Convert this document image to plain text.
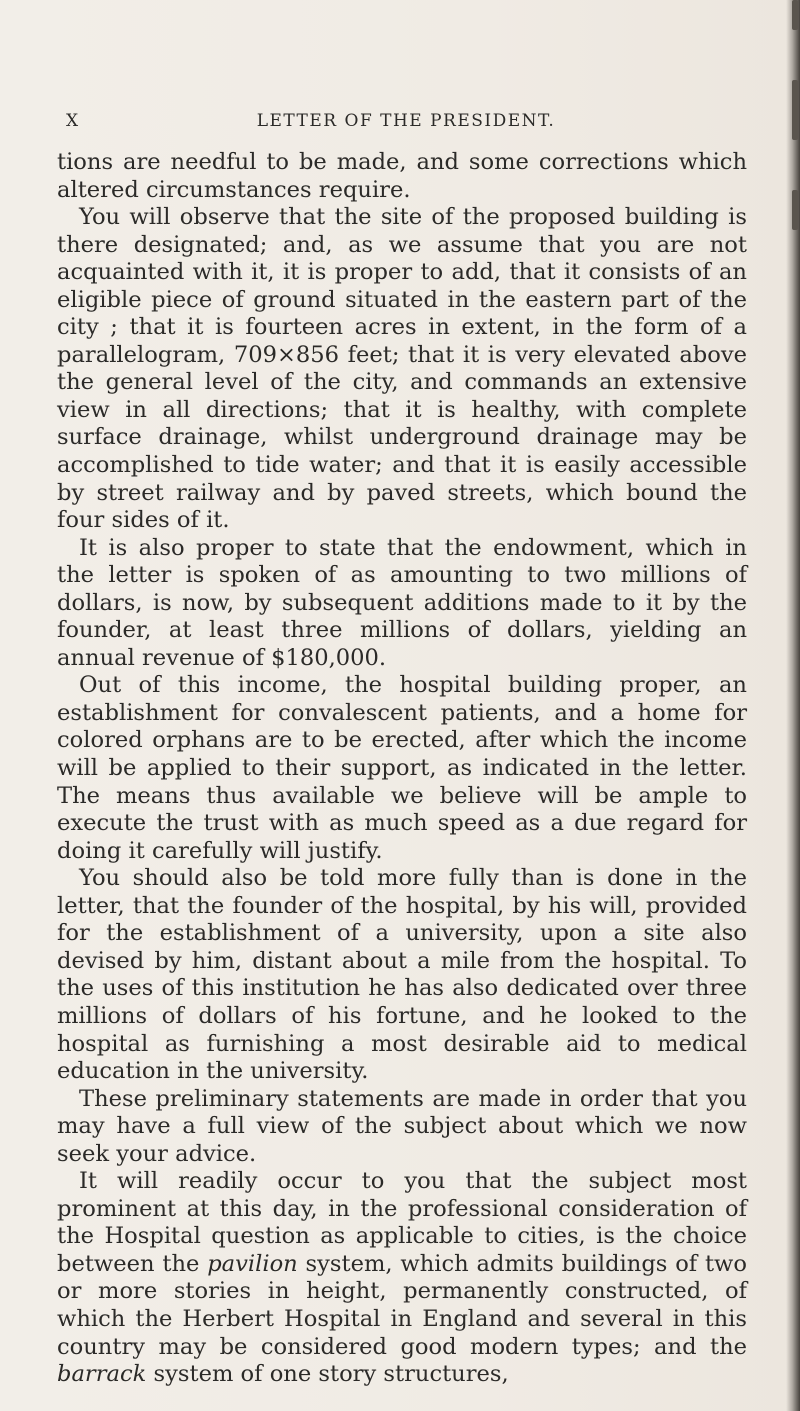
X	LETTER OF THE PRESIDENT.

tions are needful to be made, and some corrections which altered circumstances require.

You will observe that the site of the proposed building is there designated; and, as we assume that you are not acquainted with it, it is proper to add, that it consists of an eligible piece of ground situated in the eastern part of the city ; that it is fourteen acres in extent, in the form of a parallelogram, 709×856 feet; that it is very elevated above the general level of the city, and commands an extensive view in all directions; that it is healthy, with complete surface drainage, whilst underground drainage may be accomplished to tide water; and that it is easily accessible by street railway and by paved streets, which bound the four sides of it.

It is also proper to state that the endowment, which in the letter is spoken of as amounting to two millions of dollars, is now, by subsequent additions made to it by the founder, at least three millions of dollars, yielding an annual revenue of $180,000.

Out of this income, the hospital building proper, an establishment for convalescent patients, and a home for colored orphans are to be erected, after which the income will be applied to their support, as indicated in the letter. The means thus available we believe will be ample to execute the trust with as much speed as a due regard for doing it carefully will justify.

You should also be told more fully than is done in the letter, that the founder of the hospital, by his will, provided for the establishment of a university, upon a site also devised by him, distant about a mile from the hospital. To the uses of this institution he has also dedicated over three millions of dollars of his fortune, and he looked to the hospital as furnishing a most desirable aid to medical education in the university.

These preliminary statements are made in order that you may have a full view of the subject about which we now seek your advice.

It will readily occur to you that the subject most prominent at this day, in the professional consideration of the Hospital question as applicable to cities, is the choice between the pavilion system, which admits buildings of two or more stories in height, permanently constructed, of which the Herbert Hospital in England and several in this country may be considered good modern types; and the barrack system of one story structures,
